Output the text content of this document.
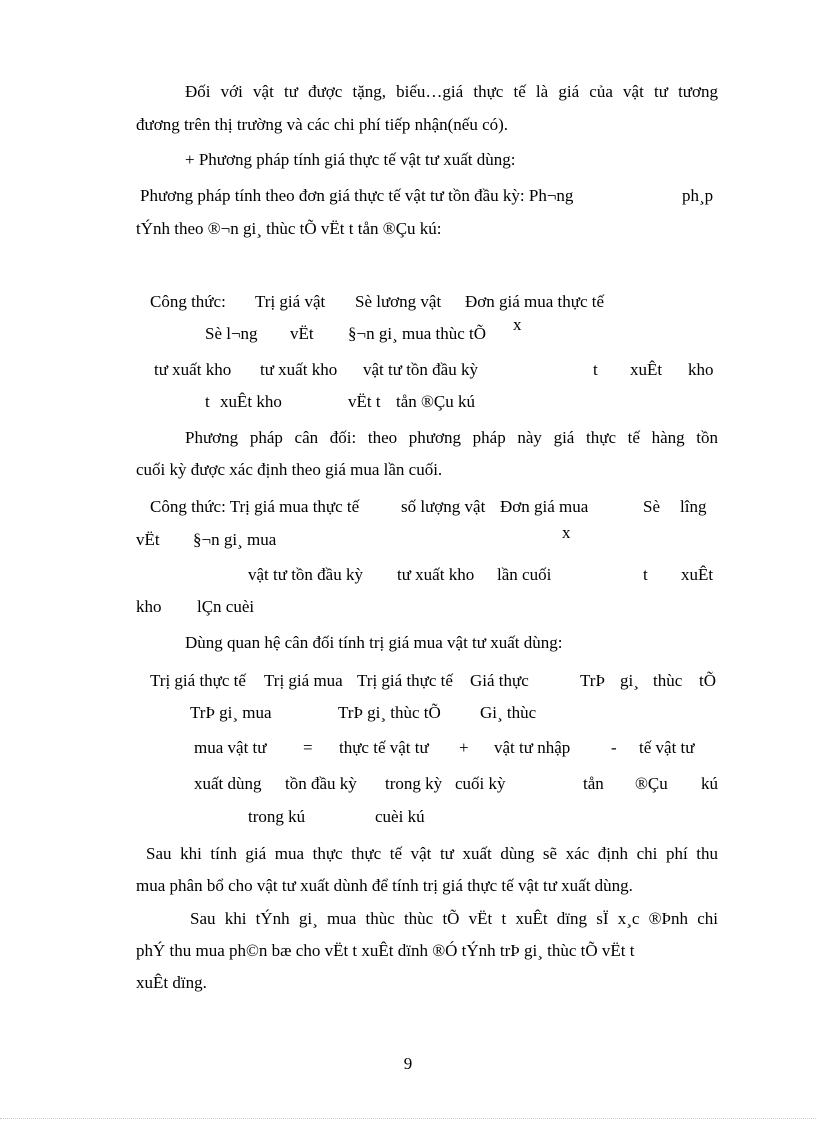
Đối với vật tư được tặng, biếu…giá thực tế là giá của vật tư tương
đương trên thị trường và các chi phí tiếp nhận(nếu có).
+ Phương pháp tính giá thực tế vật tư xuất dùng:
Phương pháp tính theo đơn giá thực tế vật tư tồn đầu kỳ: Ph¬ng	ph¸p
tÝnh theo ®¬n gi¸ thùc tÕ vËt t tån ®Çu kú:
Công thức: Trị giá vật Sè lương vật Đơn giá mua thực tế
Sè l¬ng vËt §¬n gi¸ mua thùc tÕ x
tư xuất kho tư xuất kho vật tư tồn đầu kỳ	t xuÊt kho
t xuÊt kho	vËt t tån ®Çu kú
Phương pháp cân đối: theo phương pháp này giá thực tế hàng tồn
cuối kỳ được xác định theo giá mua lần cuối.
Công thức: Trị giá mua thực tế số lượng vật Đơn giá mua	Sè lîng
vËt §¬n gi¸ mua	x
vật tư tồn đầu kỳ tư xuất kho lần cuối	t xuÊt
kho lÇn cuèi
Dùng quan hệ cân đối tính trị giá mua vật tư xuất dùng:
Trị giá thực tế Trị giá mua Trị giá thực tế Giá thực	TrÞ gi¸ thùc tÕ
TrÞ gi¸ mua	TrÞ gi¸ thùc tÕ Gi¸ thùc
mua vật tư = thực tế vật tư + vật tư nhập - tế vật tư
xuất dùng tồn đầu kỳ trong kỳ cuối kỳ	tån ®Çu kú
trong kú	cuèi kú
Sau khi tính giá mua thực thực tế vật tư xuất dùng sẽ xác định chi phí thu
mua phân bổ cho vật tư xuất dùnh để tính trị giá thực tế vật tư xuất dùng.
Sau khi tÝnh gi¸ mua thùc thùc tÕ vËt t xuÊt dïng sÏ x¸c ®Þnh chi
phÝ thu mua ph©n bæ cho vËt t xuÊt dïnh ®Ó tÝnh trÞ gi¸ thùc tÕ vËt t
xuÊt dïng.
9
